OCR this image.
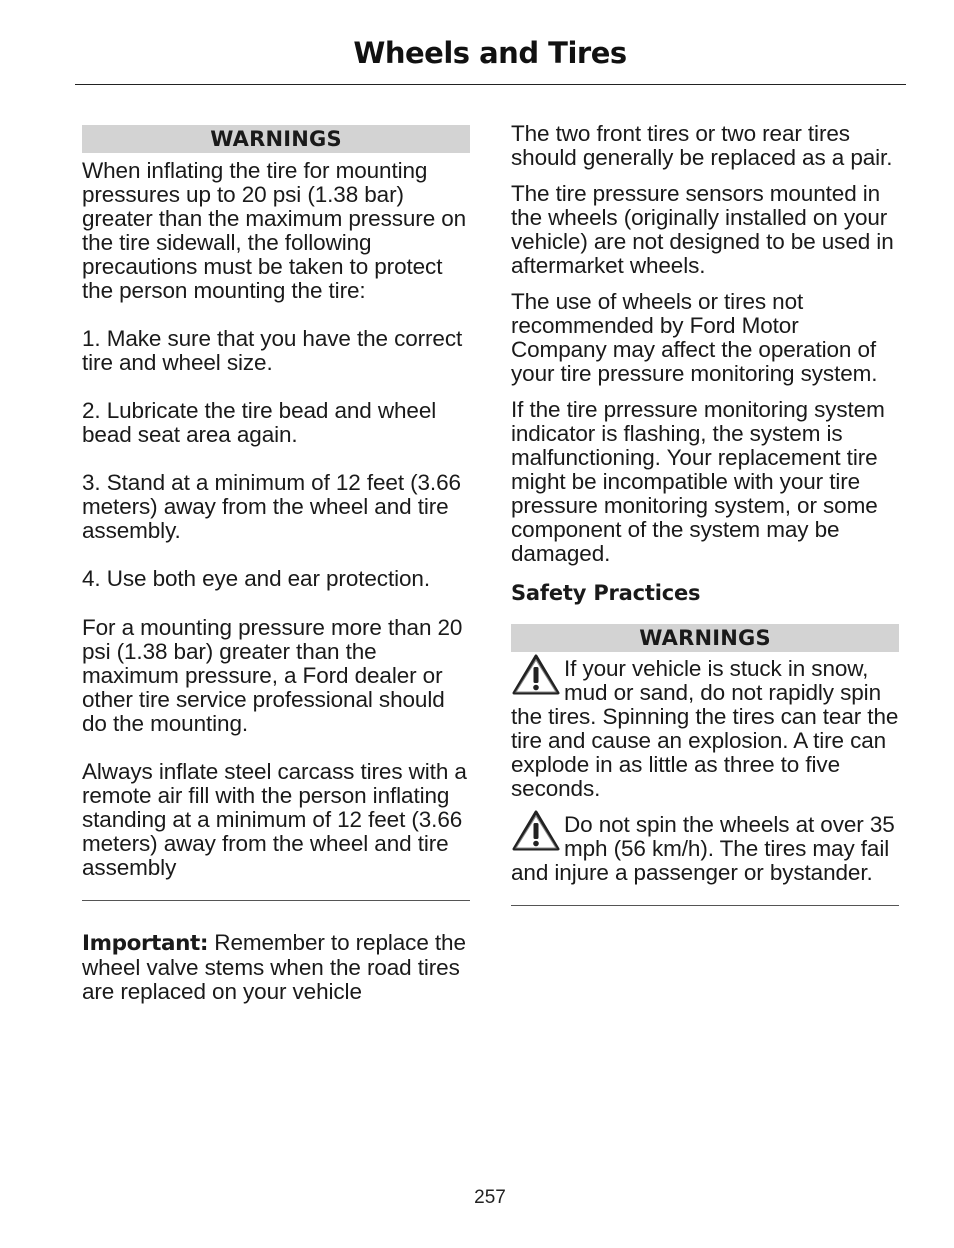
Wheels and Tires
WARNINGS

When inflating the tire for mounting pressures up to 20 psi (1.38 bar) greater than the maximum pressure on the tire sidewall, the following precautions must be taken to protect the person mounting the tire:

1. Make sure that you have the correct tire and wheel size.

2. Lubricate the tire bead and wheel bead seat area again.

3. Stand at a minimum of 12 feet (3.66 meters) away from the wheel and tire assembly.

4. Use both eye and ear protection.

For a mounting pressure more than 20 psi (1.38 bar) greater than the maximum pressure, a Ford dealer or other tire service professional should do the mounting.

Always inflate steel carcass tires with a remote air fill with the person inflating standing at a minimum of 12 feet (3.66 meters) away from the wheel and tire assembly

Important: Remember to replace the wheel valve stems when the road tires are replaced on your vehicle

The two front tires or two rear tires should generally be replaced as a pair.

The tire pressure sensors mounted in the wheels (originally installed on your vehicle) are not designed to be used in aftermarket wheels.

The use of wheels or tires not recommended by Ford Motor Company may affect the operation of your tire pressure monitoring system.

If the tire prressure monitoring system indicator is flashing, the system is malfunctioning. Your replacement tire might be incompatible with your tire pressure monitoring system, or some component of the system may be damaged.

Safety Practices
WARNINGS

If your vehicle is stuck in snow, mud or sand, do not rapidly spin the tires. Spinning the tires can tear the tire and cause an explosion. A tire can explode in as little as three to five seconds.

Do not spin the wheels at over 35 mph (56 km/h). The tires may fail and injure a passenger or bystander.

257
